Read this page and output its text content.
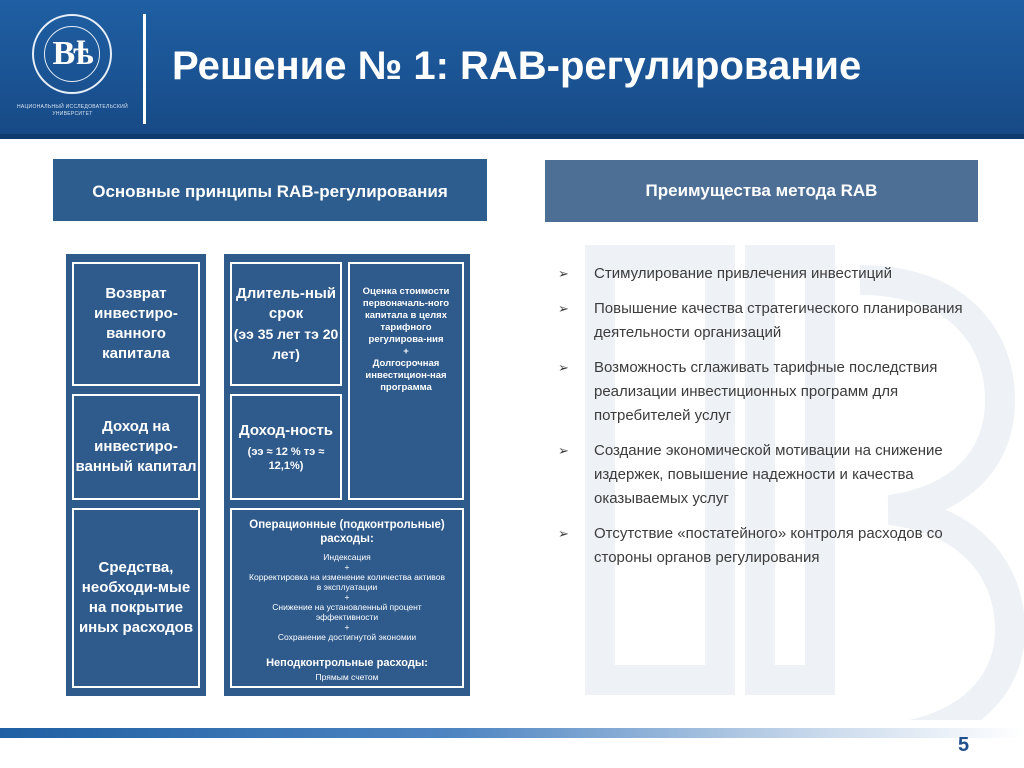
Вѣ
НАЦИОНАЛЬНЫЙ ИССЛЕДОВАТЕЛЬСКИЙ УНИВЕРСИТЕТ
Решение № 1: RAB-регулирование
Основные принципы RAB-регулирования	Преимущества метода RAB
Возврат инвестиро-ванного капитала
Доход на инвестиро-ванный капитал
Средства, необходи-мые на покрытие иных расходов
Длитель-ный срок
(ээ 35 лет тэ 20 лет)
Доход-ность
(ээ ≈ 12 % тэ ≈ 12,1%)
Оценка стоимости первоначаль-ного капитала в целях тарифного регулирова-ния
+
Долгосрочная инвестицион-ная программа
Операционные (подконтрольные) расходы:
Индексация
+
Корректировка на изменение количества активов в эксплуатации
+
Снижение на установленный процент эффективности
+
Сохранение достигнутой экономии
Неподконтрольные расходы:
Прямым счетом
➢ Стимулирование привлечения инвестиций
➢ Повышение качества стратегического планирования деятельности организаций
➢ Возможность сглаживать тарифные последствия реализации инвестиционных программ для потребителей услуг
➢ Создание экономической мотивации на снижение издержек, повышение надежности и качества оказываемых услуг
➢ Отсутствие «постатейного» контроля расходов со стороны органов регулирования
5
